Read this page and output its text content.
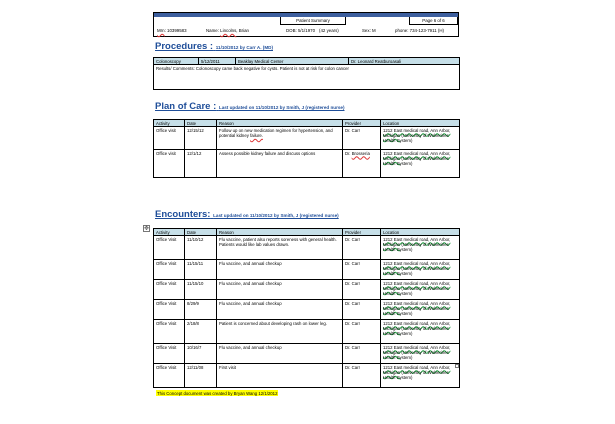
Patient Summary	Page 6 of 6
Mrn: 10399583	Name: Lincolns, Brian	DOB: 5/1/1970 (42 years)	Sex: M	phone: 734-123-7911 (H)
Procedures : 11/10/2012 by Carr A. (MD)
Colonoscopy	5/12/2011	Beaklay Medical Center	Dr. Leonard Reatburoasali
Results/ Comments: Colonoscopy came back negative for cysts. Patient is not at risk for colon cancer
Plan of Care : Last updated on 11/10/2012 by Smith, J (registered nurse)
Activity	Date	Reason	Provider	Location
Office visit	12/15/12	Follow up on new medication regimen for hypertension, and potential kidney failure.	Dr. Carr	1212 East medical road, Ann Arbor, Michigan (University of Wolverines Health System)
Office visit	12/1/12	Assess possible kidney failure and discuss options	Dr. Brosseria	1212 East medical road, Ann Arbor, Michigan (University of Wolverines Health System)
✥
Encounters: Last updated on 11/10/2012 by Smith, J (registered nurse)
Activity	Date	Reason	Provider	Location
Office Visit	11/10/12	Flu vaccine, patient also reports soreness with general health. Patients would like lab values drawn.	Dr. Carr	1212 East medical road, Ann Arbor, Michigan (University of Wolverines Health System)
Office Visit	11/15/11	Flu vaccine, and annual checkup	Dr. Carr	1212 East medical road, Ann Arbor, Michigan (University of Wolverines Health System)
Office Visit	11/15/10	Flu vaccine, and annual checkup	Dr. Carr	1212 East medical road, Ann Arbor, Michigan (University of Wolverines Health System)
Office Visit	8/29/9	Flu vaccine, and annual checkup	Dr. Carr	1212 East medical road, Ann Arbor, Michigan (University of Wolverines Health System)
Office Visit	2/18/8	Patient is concerned about developing rash on lower leg.	Dr. Carr	1212 East medical road, Ann Arbor, Michigan (University of Wolverines Health System)
Office Visit	10/16/7	Flu vaccine, and annual checkup	Dr. Carr	1212 East medical road, Ann Arbor, Michigan (University of Wolverines Health System)
Office Visit	12/11/08	First visit	Dr. Carr	1212 East medical road, Ann Arbor, Michigan (University of Wolverines Health System)
This Concept document was created by Bryan Wang 12/1/2012
